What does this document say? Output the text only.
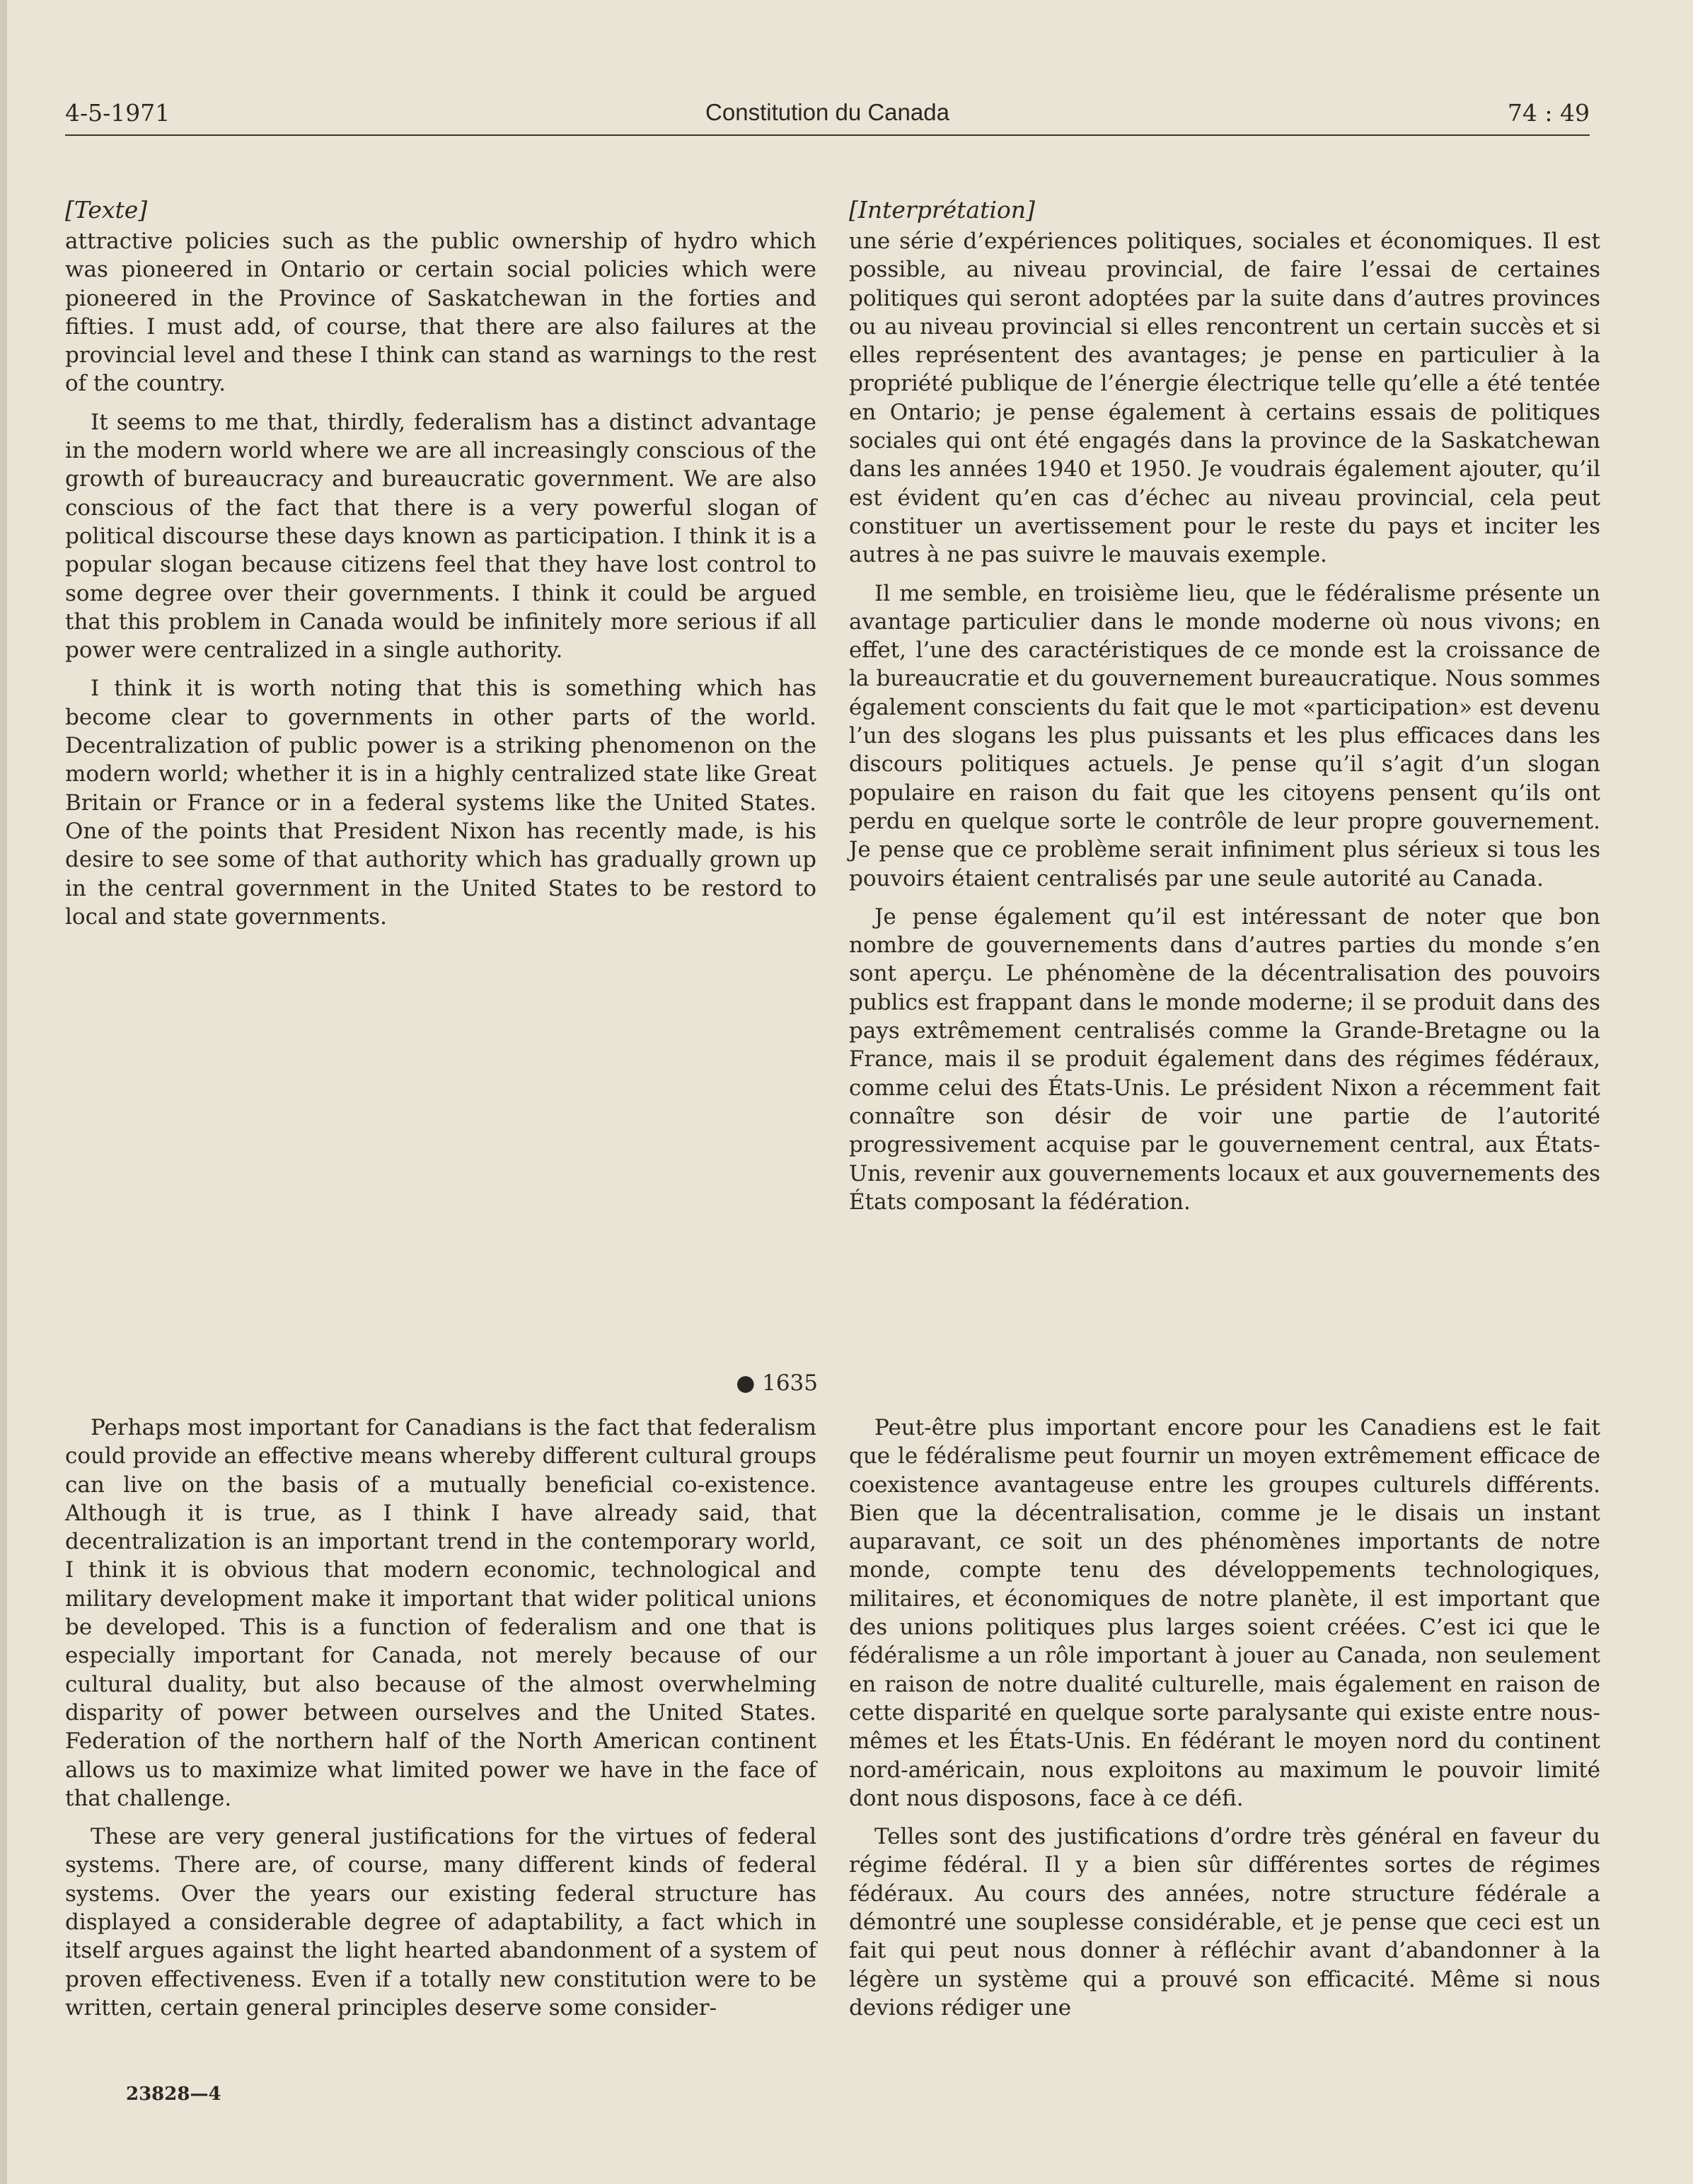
Constitution du Canada
4-5-1971	74 : 49
[Texte]

attractive policies such as the public ownership of hydro which was pioneered in Ontario or certain social policies which were pioneered in the Province of Saskatchewan in the forties and fifties. I must add, of course, that there are also failures at the provincial level and these I think can stand as warnings to the rest of the country.

It seems to me that, thirdly, federalism has a distinct advantage in the modern world where we are all increasingly conscious of the growth of bureaucracy and bureaucratic government. We are also conscious of the fact that there is a very powerful slogan of political discourse these days known as participation. I think it is a popular slogan because citizens feel that they have lost control to some degree over their governments. I think it could be argued that this problem in Canada would be infinitely more serious if all power were centralized in a single authority.

I think it is worth noting that this is something which has become clear to governments in other parts of the world. Decentralization of public power is a striking phenomenon on the modern world; whether it is in a highly centralized state like Great Britain or France or in a federal systems like the United States. One of the points that President Nixon has recently made, is his desire to see some of that authority which has gradually grown up in the central government in the United States to be restord to local and state governments.

[Interprétation]

une série d’expériences politiques, sociales et économiques. Il est possible, au niveau provincial, de faire l’essai de certaines politiques qui seront adoptées par la suite dans d’autres provinces ou au niveau provincial si elles rencontrent un certain succès et si elles représentent des avantages; je pense en particulier à la propriété publique de l’énergie électrique telle qu’elle a été tentée en Ontario; je pense également à certains essais de politiques sociales qui ont été engagés dans la province de la Saskatchewan dans les années 1940 et 1950. Je voudrais également ajouter, qu’il est évident qu’en cas d’échec au niveau provincial, cela peut constituer un avertissement pour le reste du pays et inciter les autres à ne pas suivre le mauvais exemple.

Il me semble, en troisième lieu, que le fédéralisme présente un avantage particulier dans le monde moderne où nous vivons; en effet, l’une des caractéristiques de ce monde est la croissance de la bureaucratie et du gouvernement bureaucratique. Nous sommes également conscients du fait que le mot «participation» est devenu l’un des slogans les plus puissants et les plus efficaces dans les discours politiques actuels. Je pense qu’il s’agit d’un slogan populaire en raison du fait que les citoyens pensent qu’ils ont perdu en quelque sorte le contrôle de leur propre gouvernement. Je pense que ce problème serait infiniment plus sérieux si tous les pouvoirs étaient centralisés par une seule autorité au Canada.

Je pense également qu’il est intéressant de noter que bon nombre de gouvernements dans d’autres parties du monde s’en sont aperçu. Le phénomène de la décentralisation des pouvoirs publics est frappant dans le monde moderne; il se produit dans des pays extrêmement centralisés comme la Grande-Bretagne ou la France, mais il se produit également dans des régimes fédéraux, comme celui des États-Unis. Le président Nixon a récemment fait connaître son désir de voir une partie de l’autorité progressivement acquise par le gouvernement central, aux États-Unis, revenir aux gouvernements locaux et aux gouvernements des États composant la fédération.

● 1635

Perhaps most important for Canadians is the fact that federalism could provide an effective means whereby different cultural groups can live on the basis of a mutually beneficial co-existence. Although it is true, as I think I have already said, that decentralization is an important trend in the contemporary world, I think it is obvious that modern economic, technological and military development make it important that wider political unions be developed. This is a function of federalism and one that is especially important for Canada, not merely because of our cultural duality, but also because of the almost overwhelming disparity of power between ourselves and the United States. Federation of the northern half of the North American continent allows us to maximize what limited power we have in the face of that challenge.

These are very general justifications for the virtues of federal systems. There are, of course, many different kinds of federal systems. Over the years our existing federal structure has displayed a considerable degree of adaptability, a fact which in itself argues against the light hearted abandonment of a system of proven effectiveness. Even if a totally new constitution were to be written, certain general principles deserve some consider-

Peut-être plus important encore pour les Canadiens est le fait que le fédéralisme peut fournir un moyen extrêmement efficace de coexistence avantageuse entre les groupes culturels différents. Bien que la décentralisation, comme je le disais un instant auparavant, ce soit un des phénomènes importants de notre monde, compte tenu des développements technologiques, militaires, et économiques de notre planète, il est important que des unions politiques plus larges soient créées. C’est ici que le fédéralisme a un rôle important à jouer au Canada, non seulement en raison de notre dualité culturelle, mais également en raison de cette disparité en quelque sorte paralysante qui existe entre nous-mêmes et les États-Unis. En fédérant le moyen nord du continent nord-américain, nous exploitons au maximum le pouvoir limité dont nous disposons, face à ce défi.

Telles sont des justifications d’ordre très général en faveur du régime fédéral. Il y a bien sûr différentes sortes de régimes fédéraux. Au cours des années, notre structure fédérale a démontré une souplesse considérable, et je pense que ceci est un fait qui peut nous donner à réfléchir avant d’abandonner à la légère un système qui a prouvé son efficacité. Même si nous devions rédiger une

23828—4
